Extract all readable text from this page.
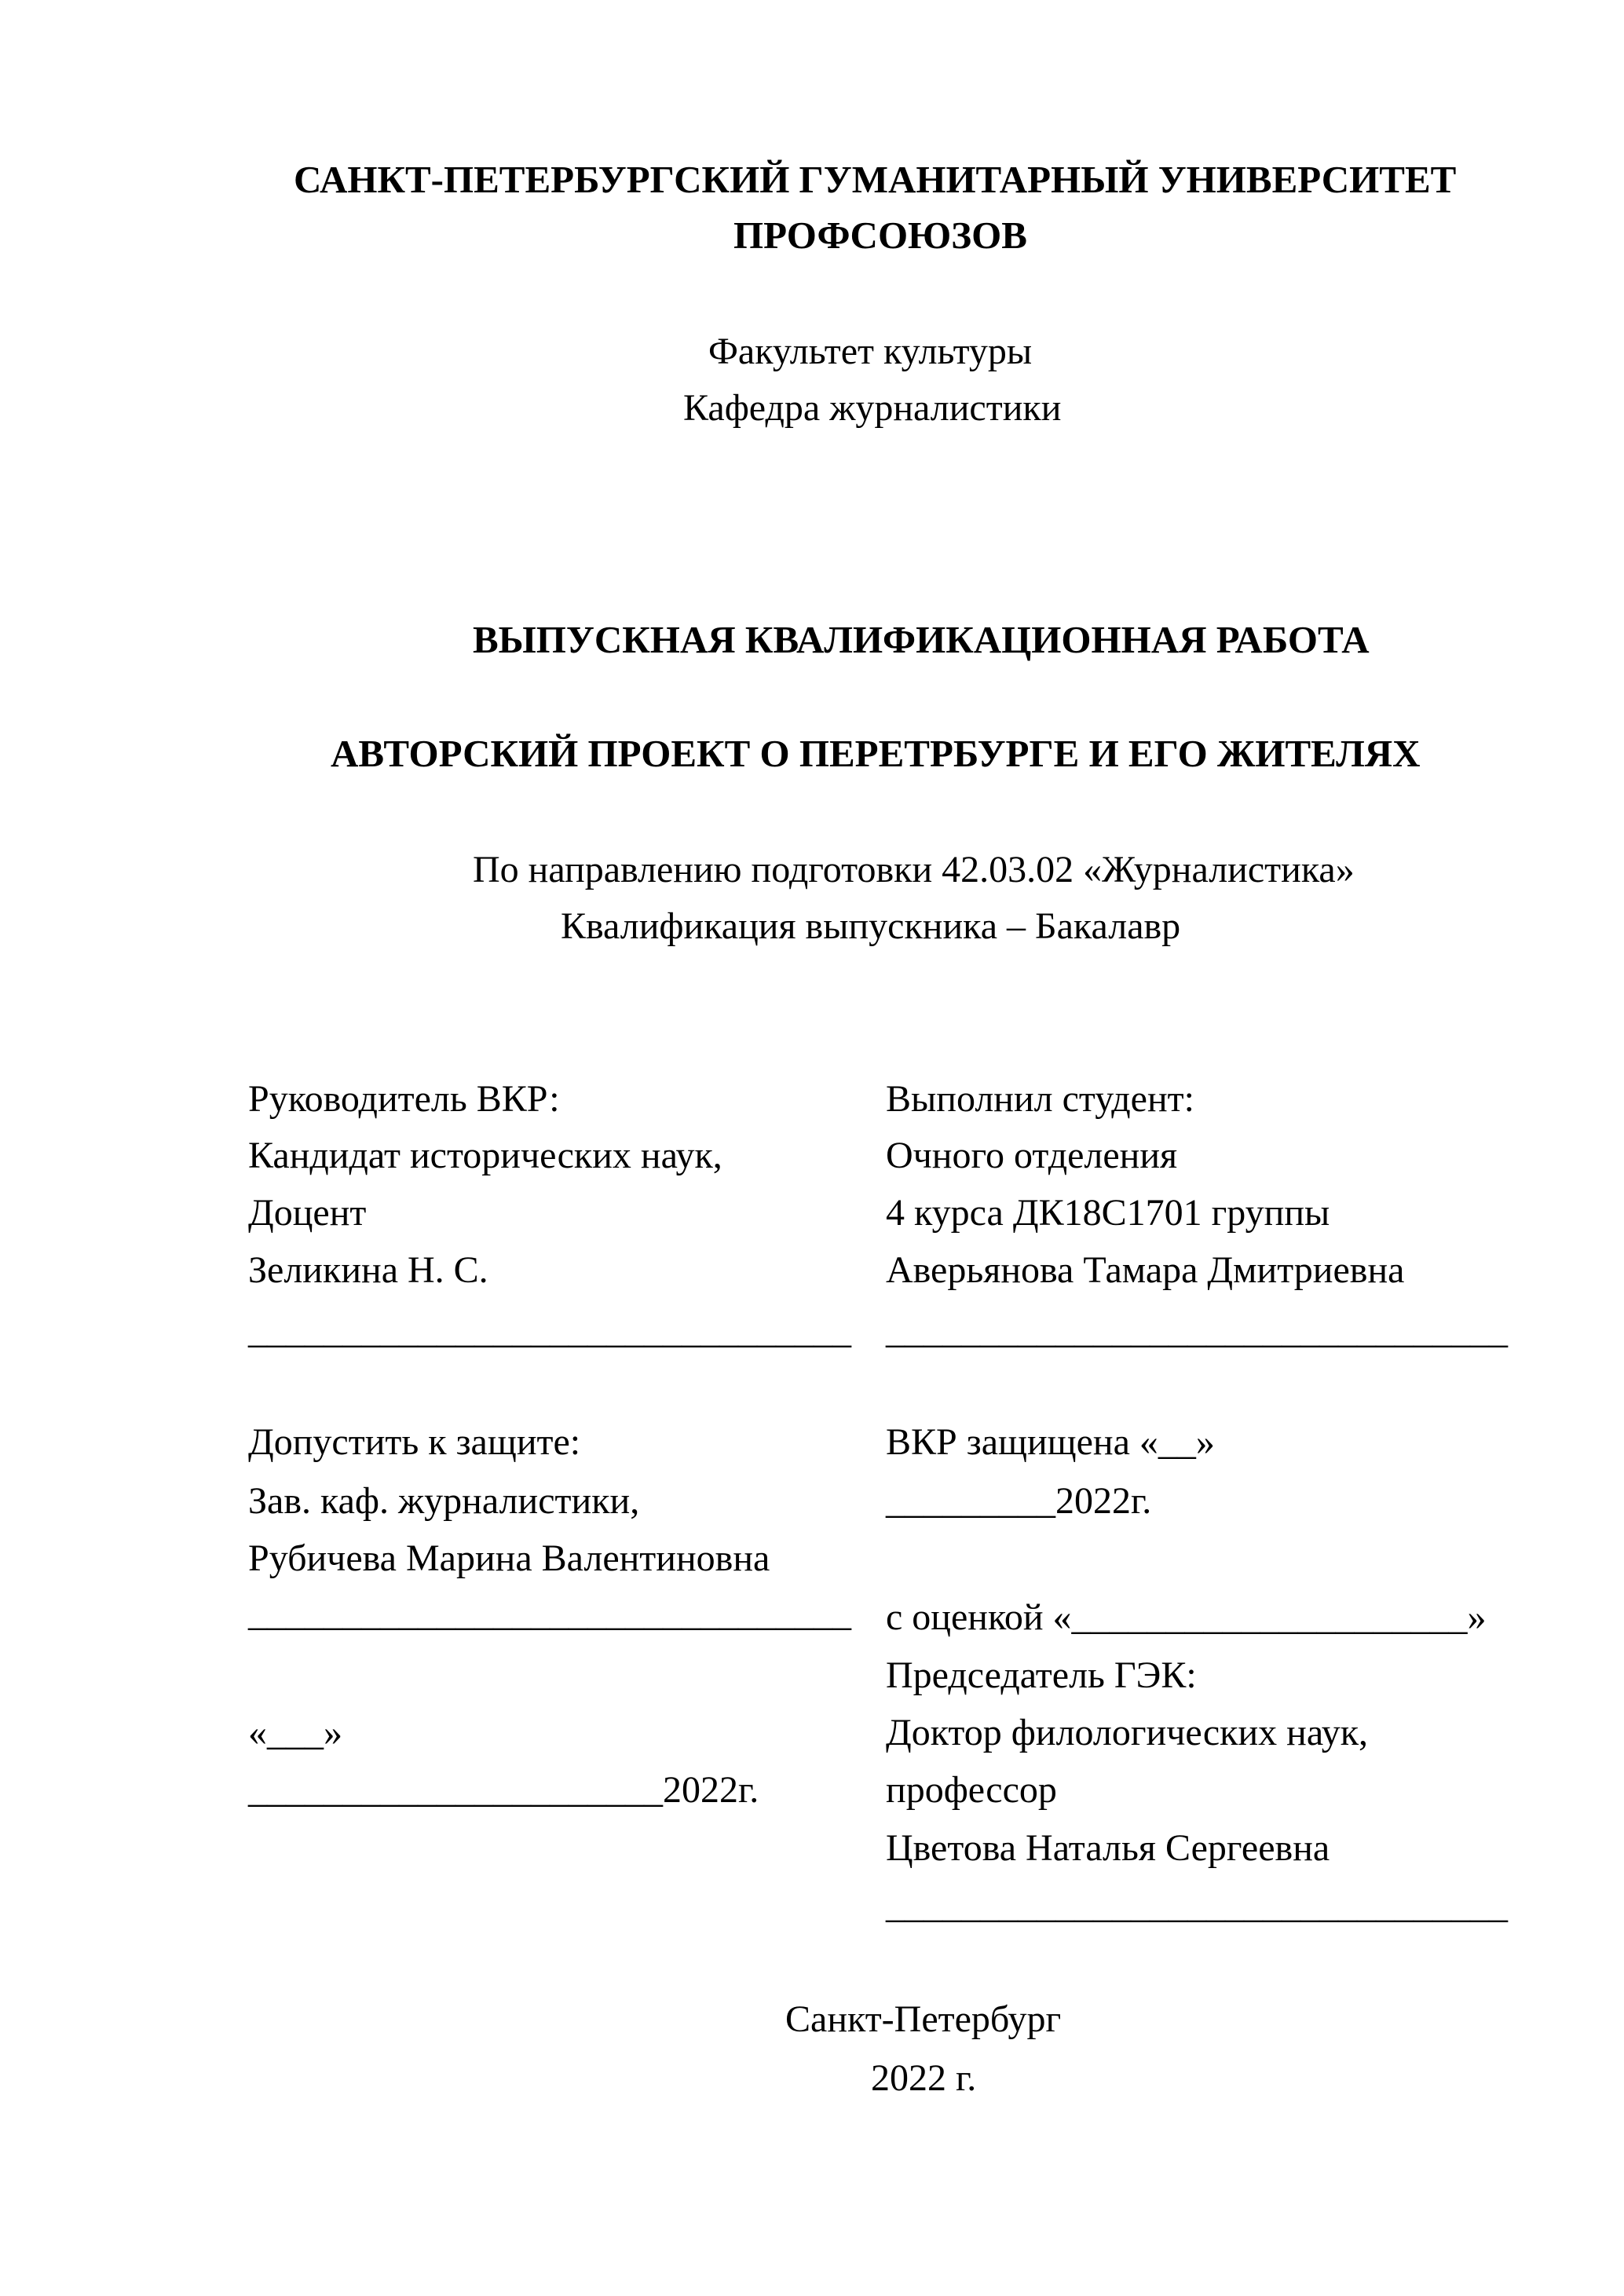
САНКТ-ПЕТЕРБУРГСКИЙ ГУМАНИТАРНЫЙ УНИВЕРСИТЕТ
ПРОФСОЮЗОВ
Факультет культуры
Кафедра журналистики
ВЫПУСКНАЯ КВАЛИФИКАЦИОННАЯ РАБОТА
АВТОРСКИЙ ПРОЕКТ О ПЕРЕТРБУРГЕ И ЕГО ЖИТЕЛЯХ
По направлению подготовки 42.03.02 «Журналистика»
Квалификация выпускника – Бакалавр
Руководитель ВКР:
Кандидат исторических наук,
Доцент
Зеликина Н. С.
________________________________
Допустить к защите:
Зав. каф. журналистики,
Рубичева Марина Валентиновна
________________________________
«___»
______________________2022г.
Выполнил студент:
Очного отделения
4 курса ДК18С1701 группы
Аверьянова Тамара Дмитриевна
_________________________________
ВКР защищена «__»
_________2022г.
с оценкой «_____________________»
Председатель ГЭК:
Доктор филологических наук,
профессор
Цветова Наталья Сергеевна
_________________________________
Санкт-Петербург
2022 г.
